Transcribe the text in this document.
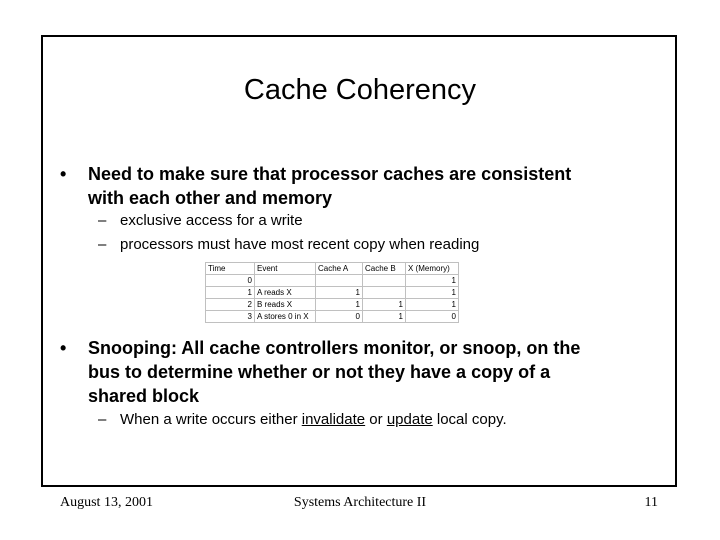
Cache Coherency
•	Need to make sure that processor caches are consistent
with each other and memory
– exclusive access for a write
– processors must have most recent copy when reading
Time	Event	Cache A	Cache B	X (Memory)
0				1
1	A reads X	1		1
2	B reads X	1	1	1
3	A stores 0 in X	0	1	0
•	Snooping: All cache controllers monitor, or snoop, on the
bus to determine whether or not they have a copy of a
shared block
– When a write occurs either invalidate or update local copy.
August 13, 2001	Systems Architecture II	11
